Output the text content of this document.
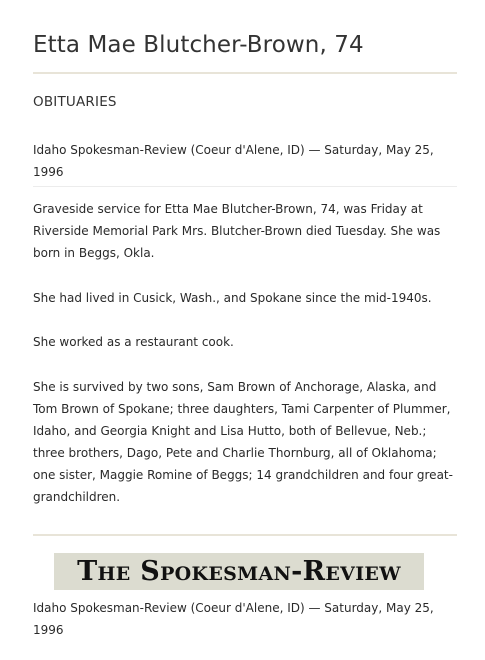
Etta Mae Blutcher-Brown, 74
OBITUARIES
Idaho Spokesman-Review (Coeur d'Alene, ID) — Saturday, May 25, 1996

Graveside service for Etta Mae Blutcher-Brown, 74, was Friday at Riverside Memorial Park Mrs. Blutcher-Brown died Tuesday. She was born in Beggs, Okla.

She had lived in Cusick, Wash., and Spokane since the mid-1940s.

She worked as a restaurant cook.

She is survived by two sons, Sam Brown of Anchorage, Alaska, and Tom Brown of Spokane; three daughters, Tami Carpenter of Plummer, Idaho, and Georgia Knight and Lisa Hutto, both of Bellevue, Neb.; three brothers, Dago, Pete and Charlie Thornburg, all of Oklahoma; one sister, Maggie Romine of Beggs; 14 grandchildren and four great-grandchildren.

The Spokesman-Review
Idaho Spokesman-Review (Coeur d'Alene, ID) — Saturday, May 25, 1996
